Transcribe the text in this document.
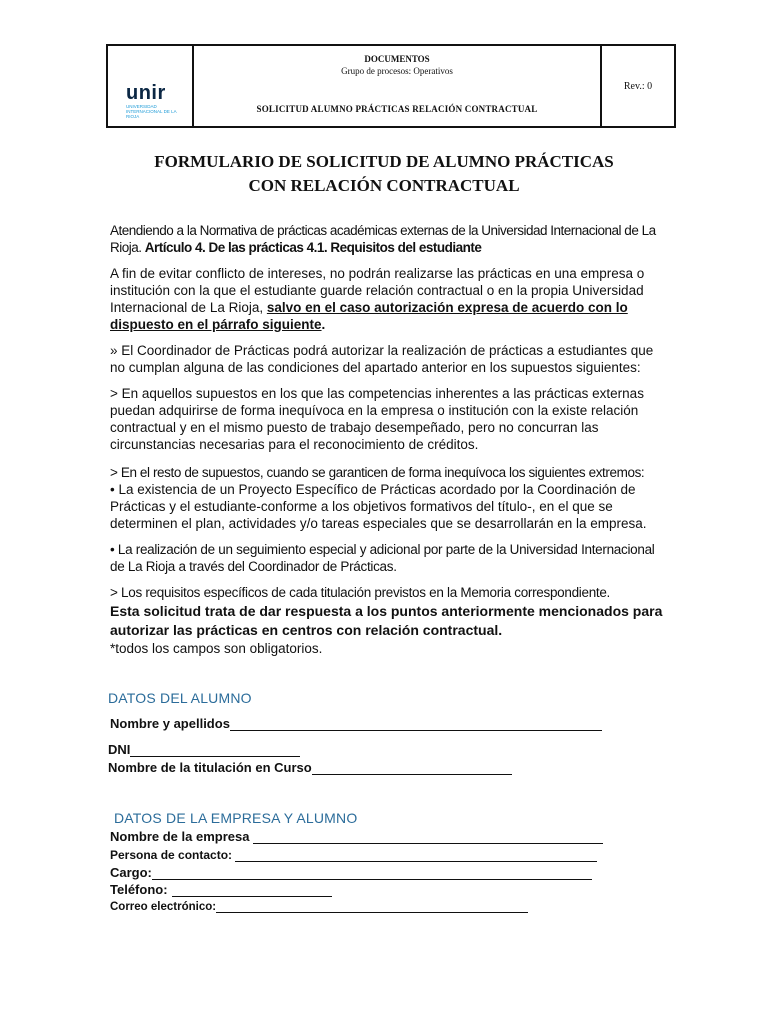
unir
UNIVERSIDAD INTERNACIONAL DE LA RIOJA
DOCUMENTOS
Grupo de procesos: Operativos
SOLICITUD ALUMNO PRÁCTICAS RELACIÓN CONTRACTUAL
Rev.: 0
FORMULARIO DE SOLICITUD DE ALUMNO PRÁCTICAS
CON RELACIÓN CONTRACTUAL
Atendiendo a la Normativa de prácticas académicas externas de la Universidad Internacional de La Rioja. Artículo 4. De las prácticas 4.1. Requisitos del estudiante
A fin de evitar conflicto de intereses, no podrán realizarse las prácticas en una empresa o institución con la que el estudiante guarde relación contractual o en la propia Universidad Internacional de La Rioja, salvo en el caso autorización expresa de acuerdo con lo dispuesto en el párrafo siguiente.
» El Coordinador de Prácticas podrá autorizar la realización de prácticas a estudiantes que no cumplan alguna de las condiciones del apartado anterior en los supuestos siguientes:
> En aquellos supuestos en los que las competencias inherentes a las prácticas externas puedan adquirirse de forma inequívoca en la empresa o institución con la existe relación contractual y en el mismo puesto de trabajo desempeñado, pero no concurran las circunstancias necesarias para el reconocimiento de créditos.
> En el resto de supuestos, cuando se garanticen de forma inequívoca los siguientes extremos:
• La existencia de un Proyecto Específico de Prácticas acordado por la Coordinación de Prácticas y el estudiante-conforme a los objetivos formativos del título-, en el que se determinen el plan, actividades y/o tareas especiales que se desarrollarán en la empresa.
• La realización de un seguimiento especial y adicional por parte de la Universidad Internacional de La Rioja a través del Coordinador de Prácticas.
> Los requisitos específicos de cada titulación previstos en la Memoria correspondiente.
Esta solicitud trata de dar respuesta a los puntos anteriormente mencionados para autorizar las prácticas en centros con relación contractual.
*todos los campos son obligatorios.
DATOS DEL ALUMNO
Nombre y apellidos
DNI
Nombre de la titulación en Curso
DATOS DE LA EMPRESA Y ALUMNO
Nombre de la empresa
Persona de contacto:
Cargo:
Teléfono:
Correo electrónico:
